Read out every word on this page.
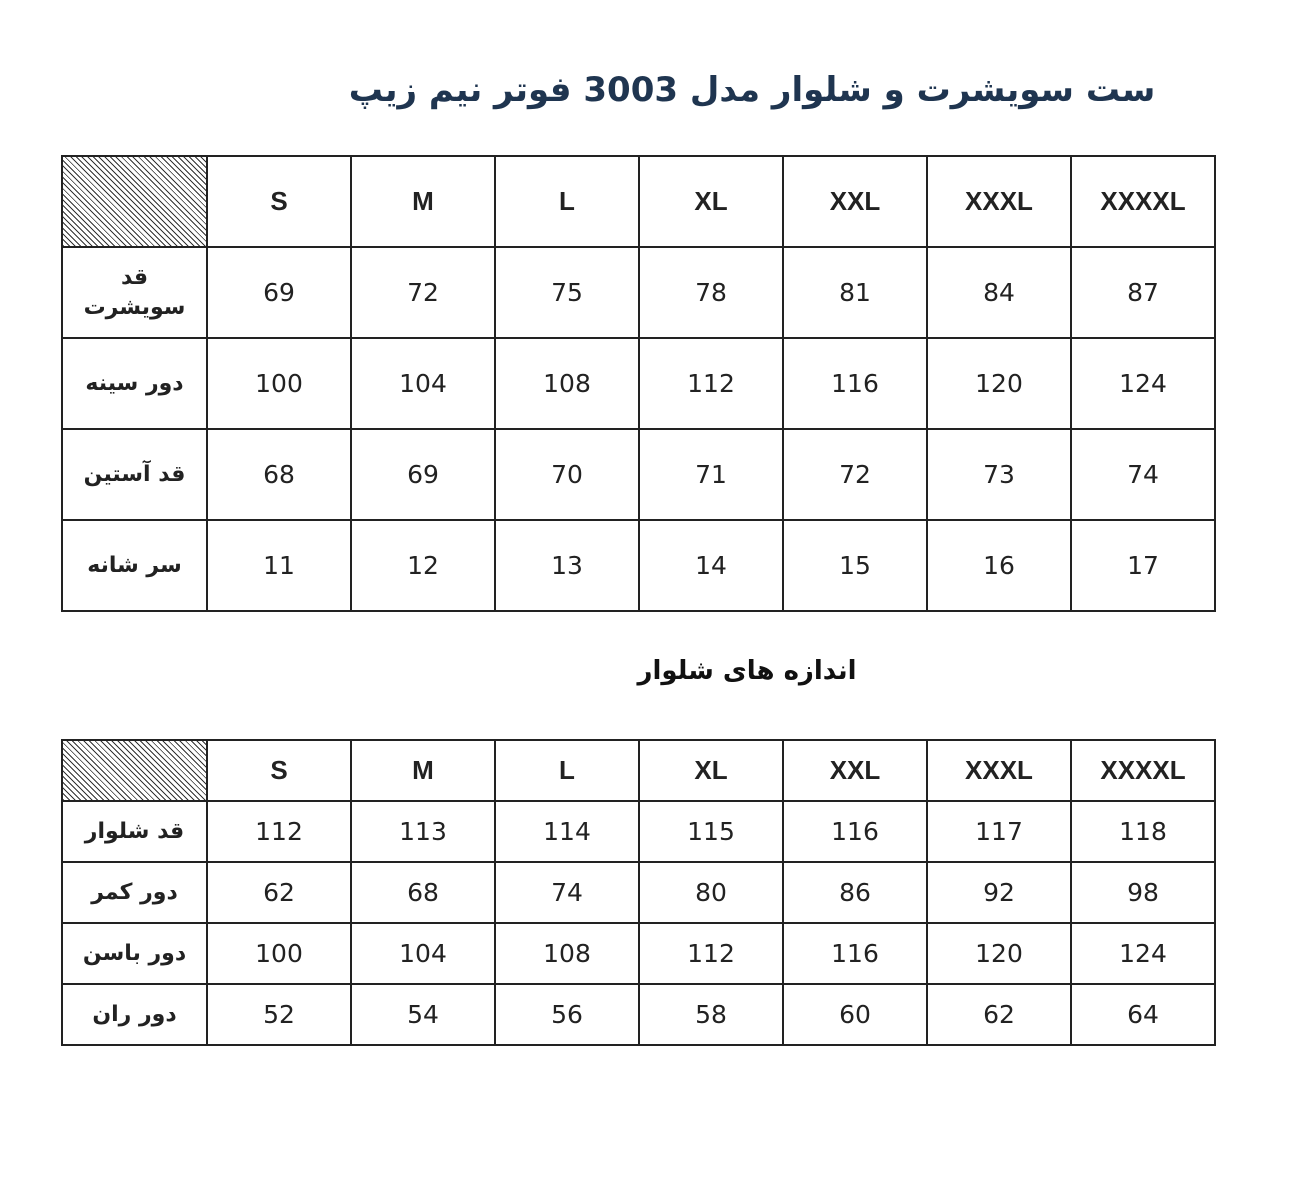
ست سویشرت و شلوار مدل 3003 فوتر نیم زیپ
	S	M	L	XL	XXL	XXXL	XXXXL
قد سویشرت	69	72	75	78	81	84	87
دور سینه	100	104	108	112	116	120	124
قد آستین	68	69	70	71	72	73	74
سر شانه	11	12	13	14	15	16	17
اندازه های شلوار
	S	M	L	XL	XXL	XXXL	XXXXL
قد شلوار	112	113	114	115	116	117	118
دور کمر	62	68	74	80	86	92	98
دور باسن	100	104	108	112	116	120	124
دور ران	52	54	56	58	60	62	64
